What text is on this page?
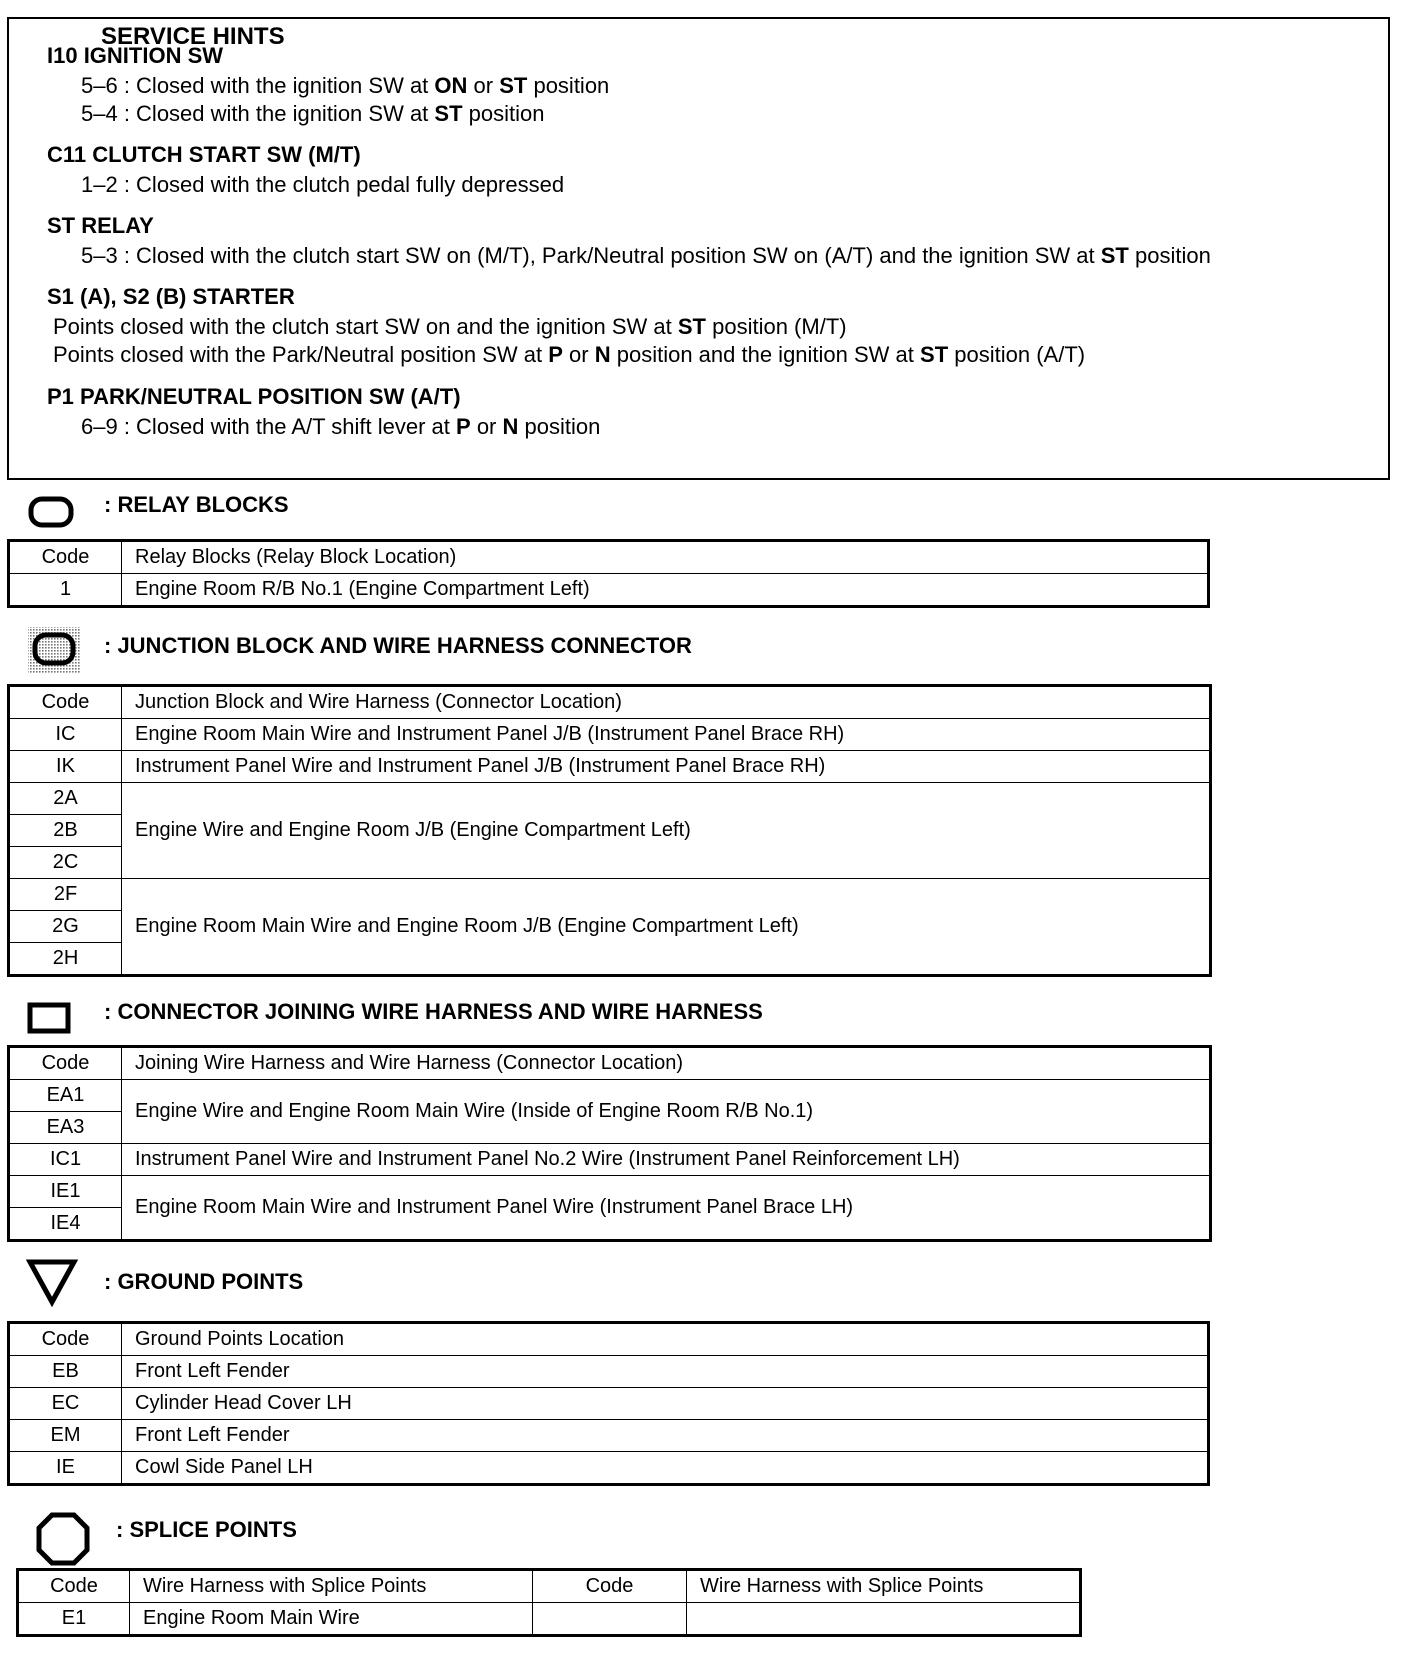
SERVICE HINTS
I10 IGNITION SW
5–6 : Closed with the ignition SW at ON or ST position
5–4 : Closed with the ignition SW at ST position
C11 CLUTCH START SW (M/T)
1–2 : Closed with the clutch pedal fully depressed
ST RELAY
5–3 : Closed with the clutch start SW on (M/T), Park/Neutral position SW on (A/T) and the ignition SW at ST position
S1 (A), S2 (B) STARTER
Points closed with the clutch start SW on and the ignition SW at ST position (M/T)
Points closed with the Park/Neutral position SW at P or N position and the ignition SW at ST position (A/T)
P1 PARK/NEUTRAL POSITION SW (A/T)
6–9 : Closed with the A/T shift lever at P or N position
: RELAY BLOCKS
Code	Relay Blocks (Relay Block Location)
1	Engine Room R/B No.1 (Engine Compartment Left)
: JUNCTION BLOCK AND WIRE HARNESS CONNECTOR
Code	Junction Block and Wire Harness (Connector Location)
IC	Engine Room Main Wire and Instrument Panel J/B (Instrument Panel Brace RH)
IK	Instrument Panel Wire and Instrument Panel J/B (Instrument Panel Brace RH)
2A	Engine Wire and Engine Room J/B (Engine Compartment Left)
2B	
2C	
2F	Engine Room Main Wire and Engine Room J/B (Engine Compartment Left)
2G	
2H	
: CONNECTOR JOINING WIRE HARNESS AND WIRE HARNESS
Code	Joining Wire Harness and Wire Harness (Connector Location)
EA1	Engine Wire and Engine Room Main Wire (Inside of Engine Room R/B No.1)
EA3	
IC1	Instrument Panel Wire and Instrument Panel No.2 Wire (Instrument Panel Reinforcement LH)
IE1	Engine Room Main Wire and Instrument Panel Wire (Instrument Panel Brace LH)
IE4	
: GROUND POINTS
Code	Ground Points Location
EB	Front Left Fender
EC	Cylinder Head Cover LH
EM	Front Left Fender
IE	Cowl Side Panel LH
: SPLICE POINTS
Code	Wire Harness with Splice Points	Code	Wire Harness with Splice Points
E1	Engine Room Main Wire		
